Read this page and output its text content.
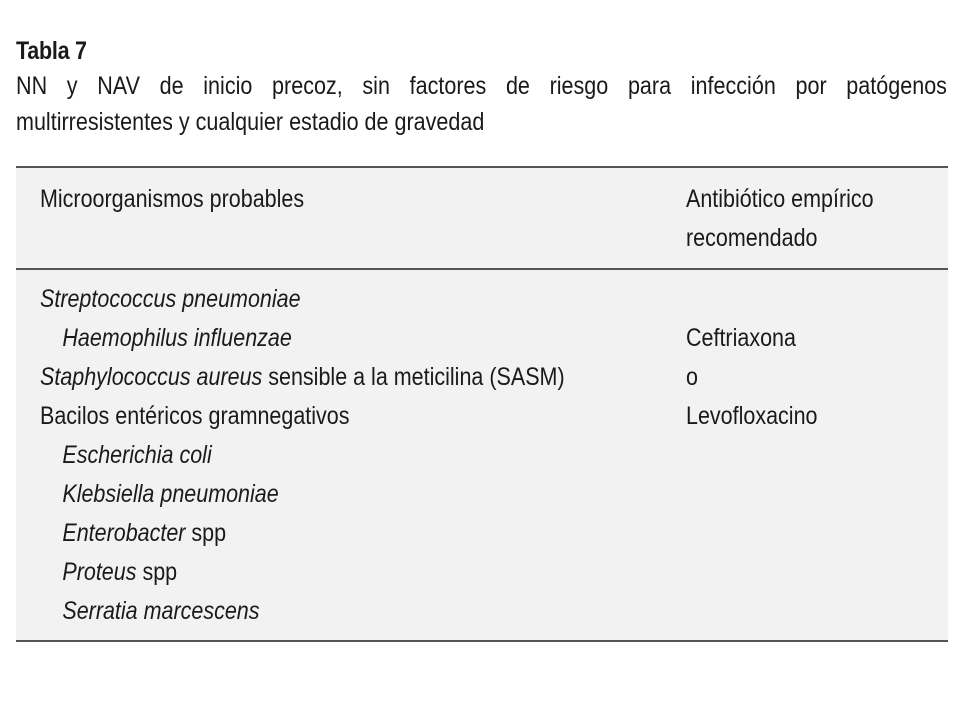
Tabla 7
NN y NAV de inicio precoz, sin factores de riesgo para infección por patógenos
multirresistentes y cualquier estadio de gravedad
Microorganismos probables	Antibiótico empírico
recomendado
Streptococcus pneumoniae
Haemophilus influenzae
Staphylococcus aureus sensible a la meticilina (SASM)
Bacilos entéricos gramnegativos
Escherichia coli
Klebsiella pneumoniae
Enterobacter spp
Proteus spp
Serratia marcescens
Ceftriaxona
o
Levofloxacino
